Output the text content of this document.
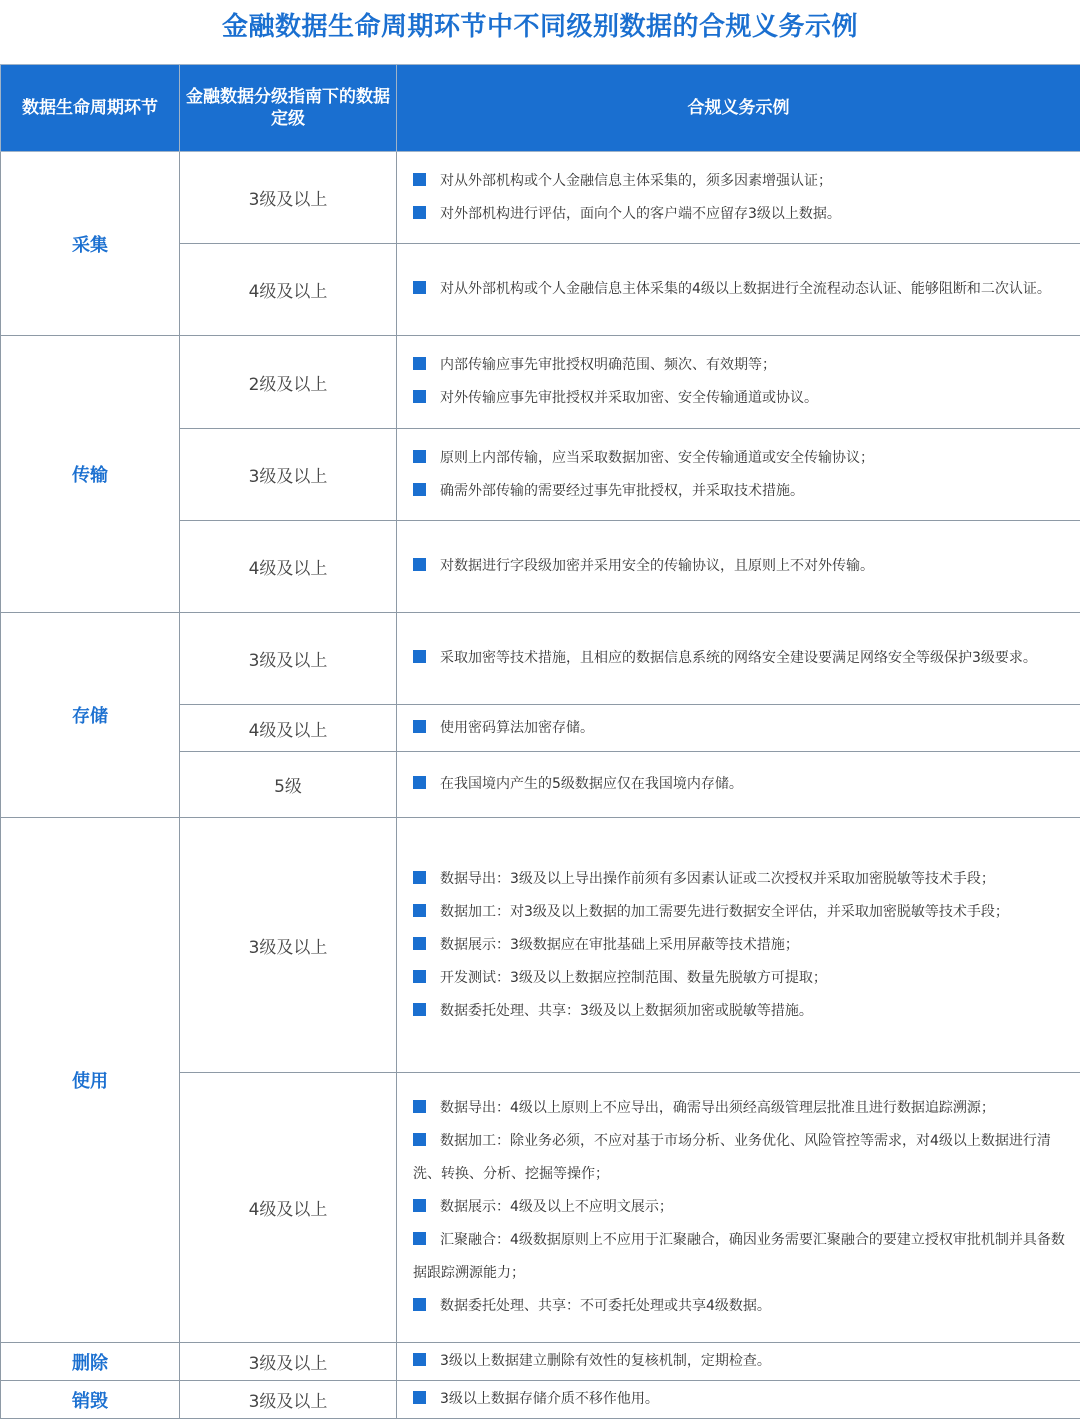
金融数据生命周期环节中不同级别数据的合规义务示例
数据生命周期环节	金融数据分级指南下的数据定级	合规义务示例
采集	3级及以上	对从外部机构或个人金融信息主体采集的，须多因素增强认证；
对外部机构进行评估，面向个人的客户端不应留存3级以上数据。

	4级及以上	对从外部机构或个人金融信息主体采集的4级以上数据进行全流程动态认证、能够阻断和二次认证。

传输	2级及以上	内部传输应事先审批授权明确范围、频次、有效期等；
对外传输应事先审批授权并采取加密、安全传输通道或协议。

	3级及以上	原则上内部传输，应当采取数据加密、安全传输通道或安全传输协议；
确需外部传输的需要经过事先审批授权，并采取技术措施。

	4级及以上	对数据进行字段级加密并采用安全的传输协议，且原则上不对外传输。

存储	3级及以上	采取加密等技术措施，且相应的数据信息系统的网络安全建设要满足网络安全等级保护3级要求。

	4级及以上	使用密码算法加密存储。

	5级	在我国境内产生的5级数据应仅在我国境内存储。

使用	3级及以上	数据导出：3级及以上导出操作前须有多因素认证或二次授权并采取加密脱敏等技术手段；
数据加工：对3级及以上数据的加工需要先进行数据安全评估，并采取加密脱敏等技术手段；
数据展示：3级数据应在审批基础上采用屏蔽等技术措施；
开发测试：3级及以上数据应控制范围、数量先脱敏方可提取；
数据委托处理、共享：3级及以上数据须加密或脱敏等措施。

	4级及以上	数据导出：4级以上原则上不应导出，确需导出须经高级管理层批准且进行数据追踪溯源；
数据加工：除业务必须，不应对基于市场分析、业务优化、风险管控等需求，对4级以上数据进行清洗、转换、分析、挖掘等操作；
数据展示：4级及以上不应明文展示；
汇聚融合：4级数据原则上不应用于汇聚融合，确因业务需要汇聚融合的要建立授权审批机制并具备数据跟踪溯源能力；
数据委托处理、共享：不可委托处理或共享4级数据。

删除	3级及以上	3级以上数据建立删除有效性的复核机制，定期检查。

销毁	3级及以上	3级以上数据存储介质不移作他用。
